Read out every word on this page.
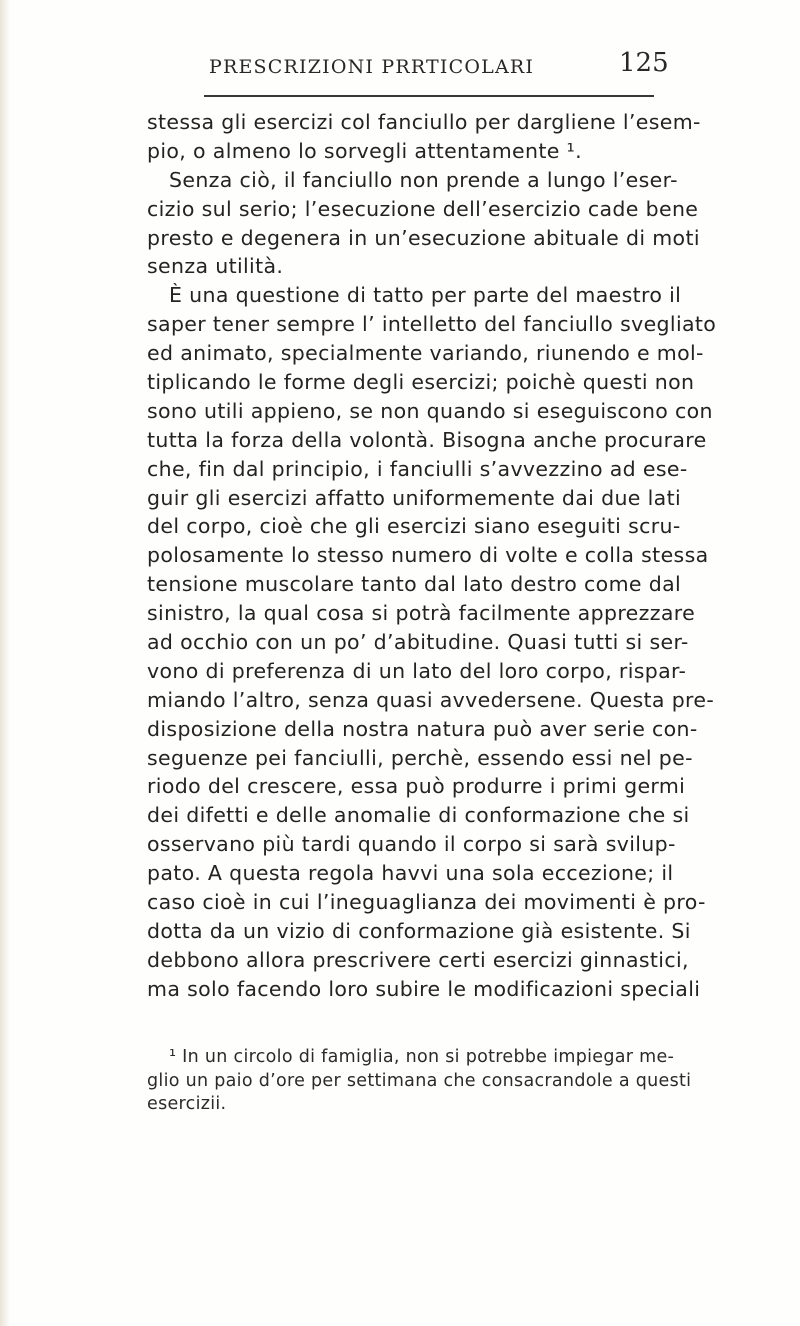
PRESCRIZIONI PRRTICOLARI	125
stessa gli esercizi col fanciullo per dargliene l’esem-
pio, o almeno lo sorvegli attentamente ¹.
Senza ciò, il fanciullo non prende a lungo l’eser-
cizio sul serio; l’esecuzione dell’esercizio cade bene
presto e degenera in un’esecuzione abituale di moti
senza utilità.
È una questione di tatto per parte del maestro il
saper tener sempre l’ intelletto del fanciullo svegliato
ed animato, specialmente variando, riunendo e mol-
tiplicando le forme degli esercizi; poichè questi non
sono utili appieno, se non quando si eseguiscono con
tutta la forza della volontà. Bisogna anche procurare
che, fin dal principio, i fanciulli s’avvezzino ad ese-
guir gli esercizi affatto uniformemente dai due lati
del corpo, cioè che gli esercizi siano eseguiti scru-
polosamente lo stesso numero di volte e colla stessa
tensione muscolare tanto dal lato destro come dal
sinistro, la qual cosa si potrà facilmente apprezzare
ad occhio con un po’ d’abitudine. Quasi tutti si ser-
vono di preferenza di un lato del loro corpo, rispar-
miando l’altro, senza quasi avvedersene. Questa pre-
disposizione della nostra natura può aver serie con-
seguenze pei fanciulli, perchè, essendo essi nel pe-
riodo del crescere, essa può produrre i primi germi
dei difetti e delle anomalie di conformazione che si
osservano più tardi quando il corpo si sarà svilup-
pato. A questa regola havvi una sola eccezione; il
caso cioè in cui l’ineguaglianza dei movimenti è pro-
dotta da un vizio di conformazione già esistente. Si
debbono allora prescrivere certi esercizi ginnastici,
ma solo facendo loro subire le modificazioni speciali
¹ In un circolo di famiglia, non si potrebbe impiegar me-
glio un paio d’ore per settimana che consacrandole a questi
esercizii.
